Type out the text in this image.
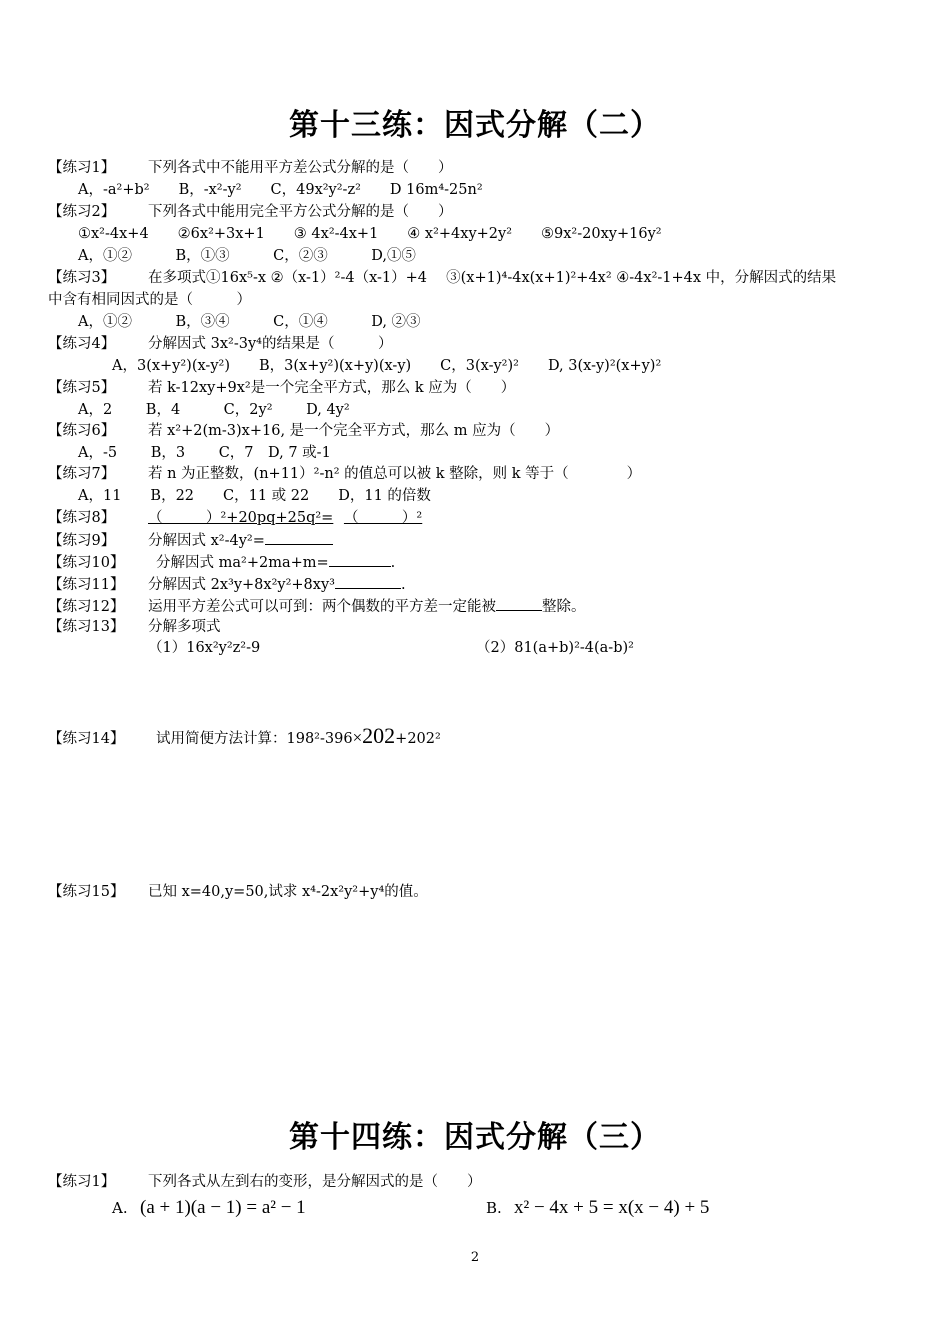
第十三练：因式分解（二）
【练习1】 下列各式中不能用平方差公式分解的是（　　）
A，-a²+b²　　B，-x²-y²　　C，49x²y²-z²　　D 16m⁴-25n²
【练习2】 下列各式中能用完全平方公式分解的是（　　）
①x²-4x+4　　②6x²+3x+1　　③ 4x²-4x+1　　④ x²+4xy+2y²　　⑤9x²-20xy+16y²
A，①②　　　B，①③　　　C，②③　　　D,①⑤
【练习3】 在多项式①16x⁵-x ②（x-1）²-4（x-1）+4　 ③(x+1)⁴-4x(x+1)²+4x² ④-4x²-1+4x 中，分解因式的结果
中含有相同因式的是（　　　）
A，①②　　　B，③④　　　C，①④　　　D, ②③
【练习4】 分解因式 3x²-3y⁴的结果是（　　　）
A，3(x+y²)(x-y²)　　B，3(x+y²)(x+y)(x-y)　　C，3(x-y²)²　　D, 3(x-y)²(x+y)²
【练习5】 若 k-12xy+9x²是一个完全平方式，那么 k 应为（　　）
A，2　　 B，4　　　C，2y²　　 D, 4y²
【练习6】 若 x²+2(m-3)x+16, 是一个完全平方式，那么 m 应为（　　）
A，-5　　 B，3　　 C，7　D, 7 或-1
【练习7】 若 n 为正整数，(n+11）²-n² 的值总可以被 k 整除，则 k 等于（　　　　）
A，11　　B，22　　C，11 或 22　　D，11 的倍数
【练习8】 （　　　）²+20pq+25q²= （　　　）²
【练习9】 分解因式 x²-4y²=
【练习10】 分解因式 ma²+2ma+m=	.
【练习11】 分解因式 2x³y+8x²y²+8xy³	.
【练习12】 运用平方差公式可以可到：两个偶数的平方差一定能被	整除。
【练习13】 分解多项式
（1）16x²y²z²-9	（2）81(a+b)²-4(a-b)²
【练习14】 试用简便方法计算：198²-396×202+202²
【练习15】 已知 x=40,y=50,试求 x⁴-2x²y²+y⁴的值。
第十四练：因式分解（三）
【练习1】 下列各式从左到右的变形，是分解因式的是（　　）
A. (a + 1)(a − 1) = a² − 1	B. x² − 4x + 5 = x(x − 4) + 5
2
